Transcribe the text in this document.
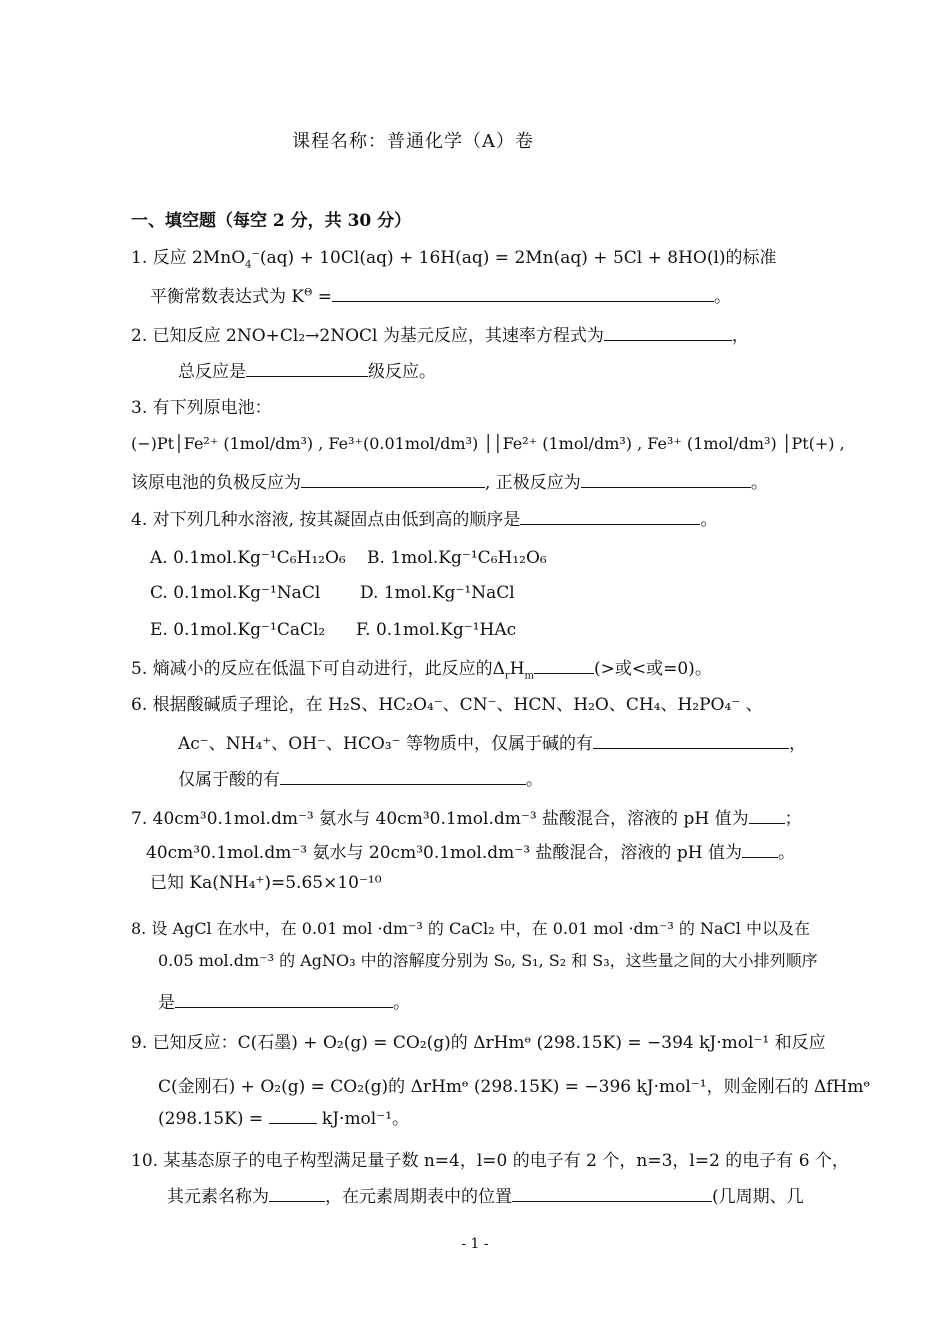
课程名称：普通化学（A）卷
一、填空题（每空 2 分，共 30 分）
1. 反应 2MnO$_4$−(aq) + 10Cl(aq) + 16H(aq) = 2Mn(aq) + 5Cl + 8HO(l)的标准
平衡常数表达式为 $K^\Theta$ =	。
2. 已知反应 2NO+Cl₂→2NOCl 为基元反应，其速率方程式为	，
总反应是	级反应。
3. 有下列原电池：
(−)Pt│Fe²⁺ (1mol/dm³) , Fe³⁺(0.01mol/dm³) ││Fe²⁺ (1mol/dm³) , Fe³⁺ (1mol/dm³) │Pt(+) ,
该原电池的负极反应为	, 正极反应为	。
4. 对下列几种水溶液, 按其凝固点由低到高的顺序是	。
A. 0.1mol.Kg⁻¹C₆H₁₂O₆ B. 1mol.Kg⁻¹C₆H₁₂O₆
C. 0.1mol.Kg⁻¹NaCl D. 1mol.Kg⁻¹NaCl
E. 0.1mol.Kg⁻¹CaCl₂ F. 0.1mol.Kg⁻¹HAc
5. 熵减小的反应在低温下可自动进行，此反应的$\Delta_rH_m$	(>或<或=0)。
6. 根据酸碱质子理论，在 H₂S、HC₂O₄⁻、CN⁻、HCN、H₂O、CH₄、H₂PO₄⁻ 、
Ac⁻、NH₄⁺、OH⁻、HCO₃⁻ 等物质中，仅属于碱的有	，
仅属于酸的有	。
7. 40cm³0.1mol.dm⁻³ 氨水与 40cm³0.1mol.dm⁻³ 盐酸混合，溶液的 pH 值为 ；
40cm³0.1mol.dm⁻³ 氨水与 20cm³0.1mol.dm⁻³ 盐酸混合，溶液的 pH 值为 。
已知 Ka(NH₄⁺)=5.65×10⁻¹⁰
8. 设 AgCl 在水中，在 0.01 mol ·dm⁻³ 的 CaCl₂ 中，在 0.01 mol ·dm⁻³ 的 NaCl 中以及在
0.05 mol.dm⁻³ 的 AgNO₃ 中的溶解度分别为 S₀, S₁, S₂ 和 S₃，这些量之间的大小排列顺序
是	。
9. 已知反应：C(石墨) + O₂(g) = CO₂(g)的 ΔrHmᶱ (298.15K) = −394 kJ·mol⁻¹ 和反应
C(金刚石) + O₂(g) = CO₂(g)的 ΔrHmᶱ (298.15K) = −396 kJ·mol⁻¹，则金刚石的 ΔfHmᶱ
(298.15K) =	kJ·mol⁻¹。
10. 某基态原子的电子构型满足量子数 n=4，l=0 的电子有 2 个，n=3，l=2 的电子有 6 个，
其元素名称为	，在元素周期表中的位置	(几周期、几
- 1 -
